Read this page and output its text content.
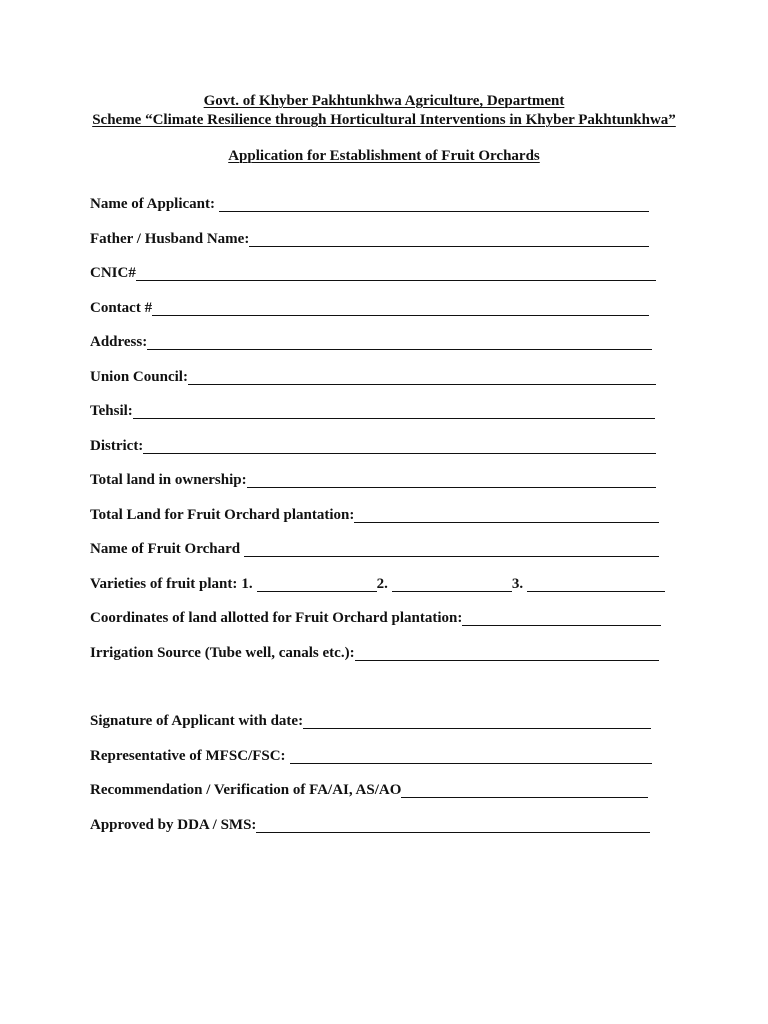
Govt. of Khyber Pakhtunkhwa Agriculture, Department
Scheme “Climate Resilience through Horticultural Interventions in Khyber Pakhtunkhwa”
Application for Establishment of Fruit Orchards
Name of Applicant:
Father / Husband Name:
CNIC#
Contact #
Address:
Union Council:
Tehsil:
District:
Total land in ownership:
Total Land for Fruit Orchard plantation:
Name of Fruit Orchard
Varieties of fruit plant: 1.	2.	3.
Coordinates of land allotted for Fruit Orchard plantation:
Irrigation Source (Tube well, canals etc.):
Signature of Applicant with date:
Representative of MFSC/FSC:
Recommendation / Verification of FA/AI, AS/AO
Approved by DDA / SMS:
